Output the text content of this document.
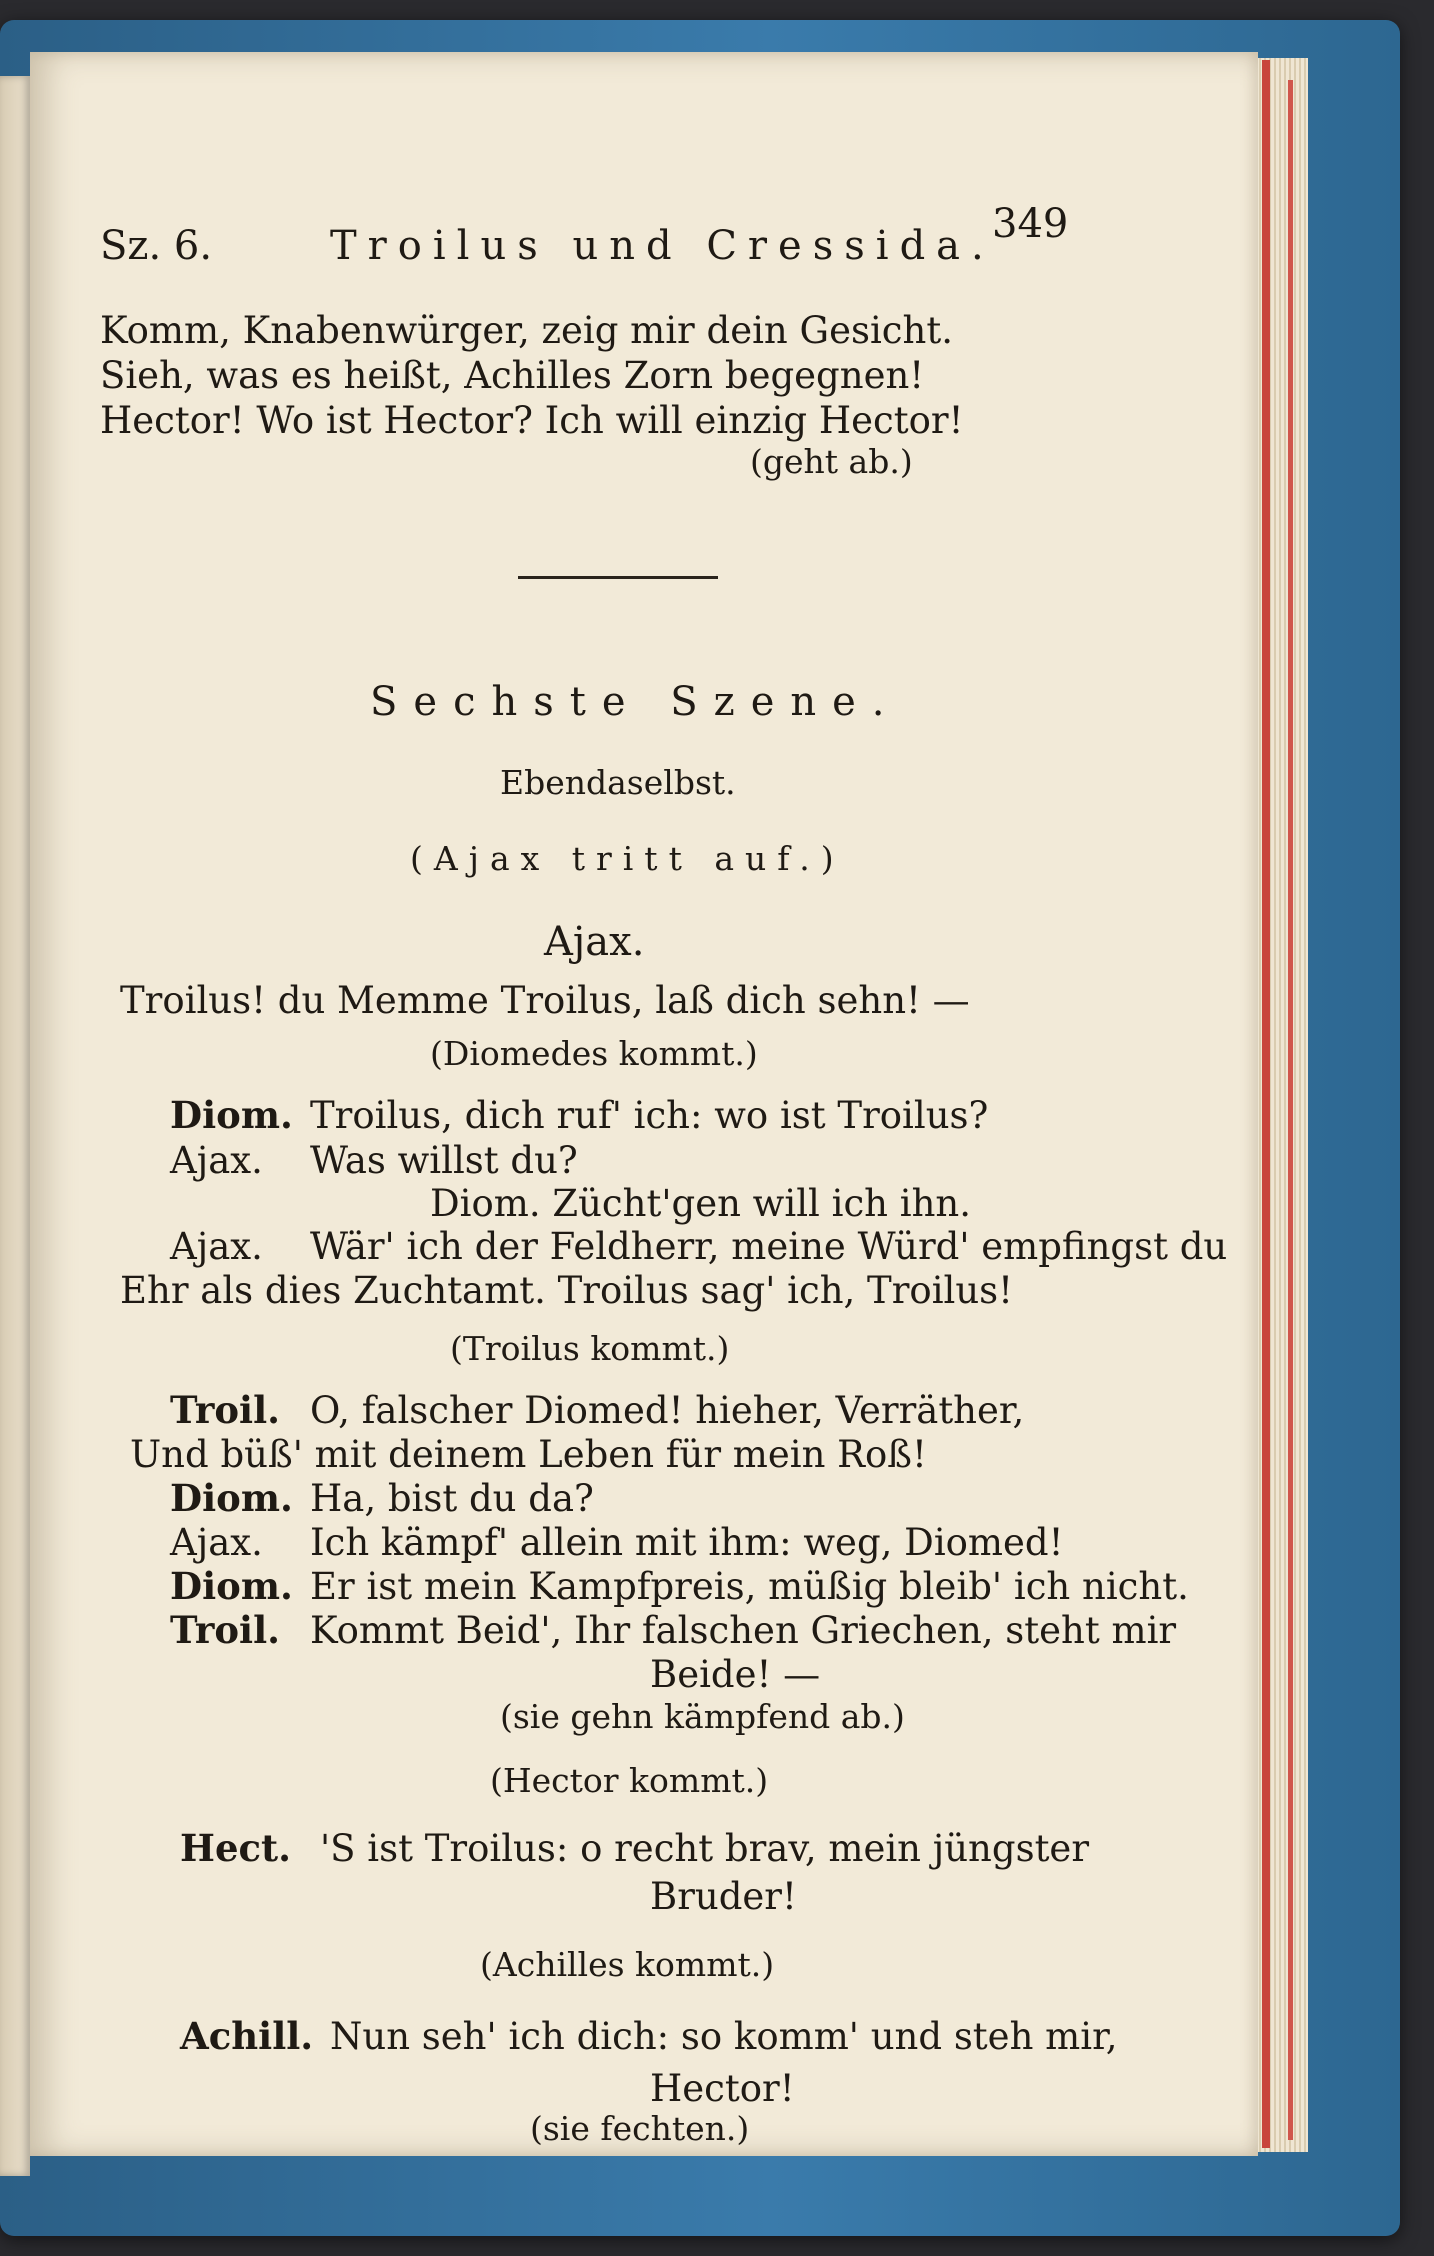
Sz. 6.	Troilus und Cressida.
349
Komm, Knabenwürger, zeig mir dein Gesicht.
Sieh, was es heißt, Achilles Zorn begegnen!
Hector! Wo ist Hector? Ich will einzig Hector!
(geht ab.)
Sechste Szene.
Ebendaselbst.
(Ajax tritt auf.)
Ajax.
Troilus! du Memme Troilus, laß dich sehn! —
(Diomedes kommt.)
Diom. Troilus, dich ruf' ich: wo ist Troilus?
Ajax. Was willst du?
Diom. Zücht'gen will ich ihn.
Ajax. Wär' ich der Feldherr, meine Würd' empfingst du
Ehr als dies Zuchtamt. Troilus sag' ich, Troilus!
(Troilus kommt.)
Troil. O, falscher Diomed! hieher, Verräther,
Und büß' mit deinem Leben für mein Roß!
Diom. Ha, bist du da?
Ajax. Ich kämpf' allein mit ihm: weg, Diomed!
Diom. Er ist mein Kampfpreis, müßig bleib' ich nicht.
Troil. Kommt Beid', Ihr falschen Griechen, steht mir
Beide! —
(sie gehn kämpfend ab.)
(Hector kommt.)
Hect. 'S ist Troilus: o recht brav, mein jüngster
Bruder!
(Achilles kommt.)
Achill. Nun seh' ich dich: so komm' und steh mir,
Hector!
(sie fechten.)
